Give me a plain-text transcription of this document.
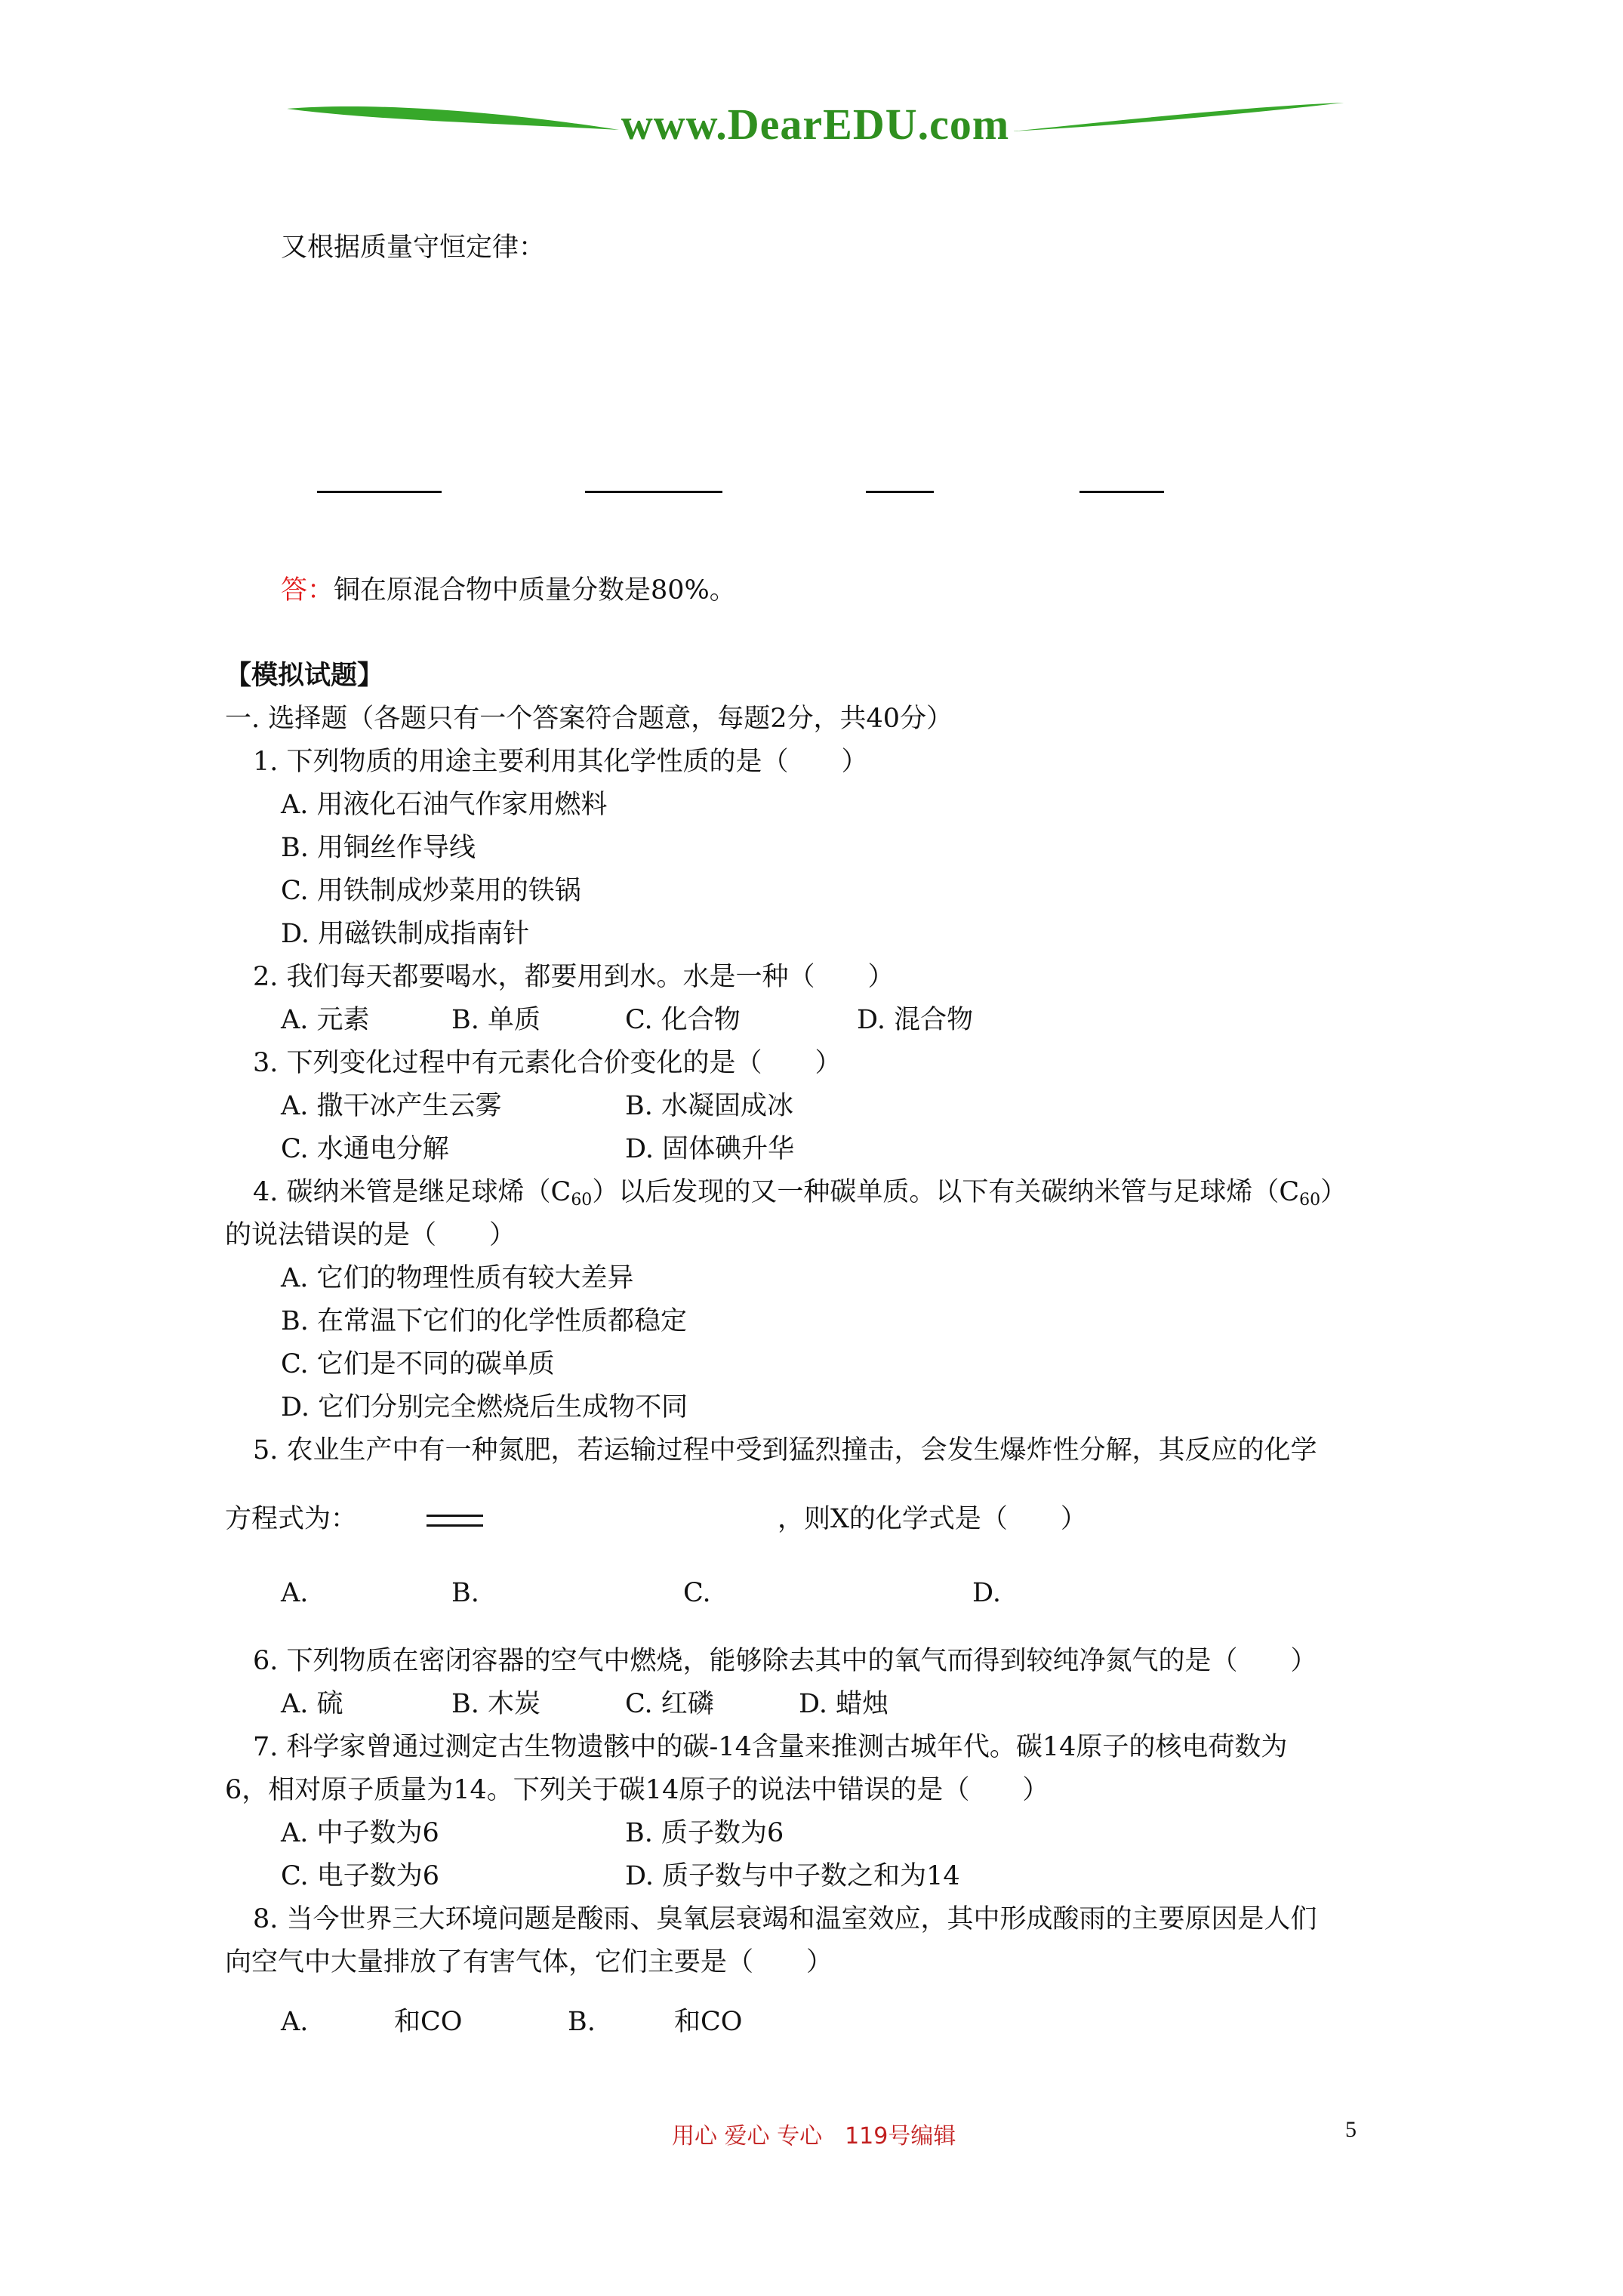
www.DearEDU.com
又根据质量守恒定律：
答：铜在原混合物中质量分数是80%。
【模拟试题】
一. 选择题（各题只有一个答案符合题意，每题2分，共40分）
1. 下列物质的用途主要利用其化学性质的是（　　）
A. 用液化石油气作家用燃料
B. 用铜丝作导线
C. 用铁制成炒菜用的铁锅
D. 用磁铁制成指南针
2. 我们每天都要喝水，都要用到水。水是一种（　　）
A. 元素	B. 单质	C. 化合物	D. 混合物
3. 下列变化过程中有元素化合价变化的是（　　）
A. 撒干冰产生云雾	B. 水凝固成冰
C. 水通电分解	D. 固体碘升华
4. 碳纳米管是继足球烯$(C_{60})$以后发现的又一种碳单质。以下有关碳纳米管与足球烯$(C_{60})$
的说法错误的是（　　）
A. 它们的物理性质有较大差异
B. 在常温下它们的化学性质都稳定
C. 它们是不同的碳单质
D. 它们分别完全燃烧后生成物不同
5. 农业生产中有一种氮肥，若运输过程中受到猛烈撞击，会发生爆炸性分解，其反应的化学
方程式为：	，则X的化学式是（　　）
A.	B.	C.	D.
6. 下列物质在密闭容器的空气中燃烧，能够除去其中的氧气而得到较纯净氮气的是（　　）
A. 硫	B. 木炭	C. 红磷	D. 蜡烛
7. 科学家曾通过测定古生物遗骸中的碳-14含量来推测古城年代。碳14原子的核电荷数为
6，相对原子质量为14。下列关于碳14原子的说法中错误的是（　　）
A. 中子数为6	B. 质子数为6
C. 电子数为6	D. 质子数与中子数之和为14
8. 当今世界三大环境问题是酸雨、臭氧层衰竭和温室效应，其中形成酸雨的主要原因是人们
向空气中大量排放了有害气体，它们主要是（　　）
A.	和CO	B.	和CO
用心 爱心 专心　119号编辑	5
